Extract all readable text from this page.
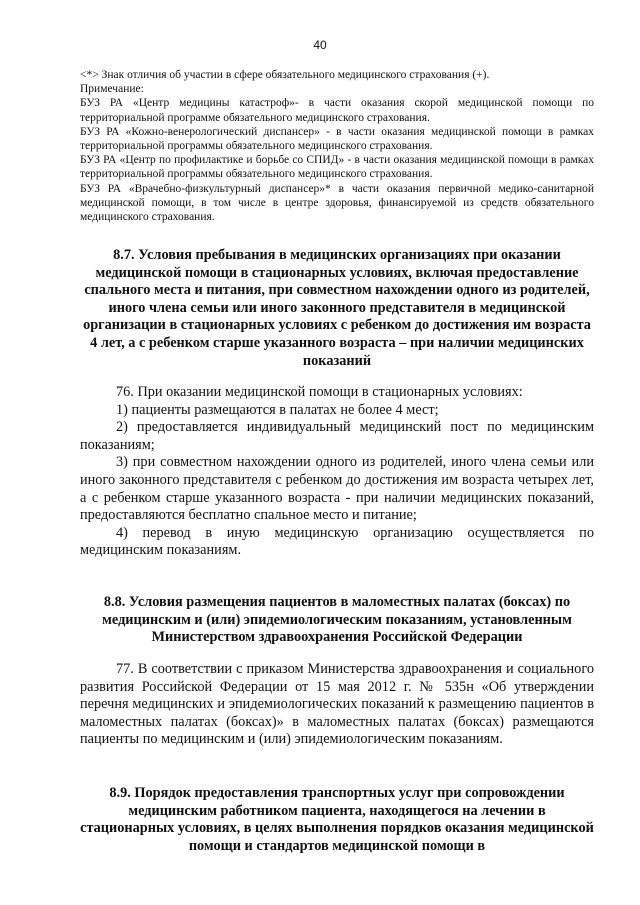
40

<*> Знак отличия об участии в сфере обязательного медицинского страхования (+).

Примечание:

БУЗ РА «Центр медицины катастроф»- в части оказания скорой медицинской помощи по территориальной программе обязательного медицинского страхования.

БУЗ РА «Кожно-венерологический диспансер» - в части оказания медицинской помощи в рамках территориальной программы обязательного медицинского страхования.

БУЗ РА «Центр по профилактике и борьбе со СПИД» - в части оказания медицинской помощи в рамках территориальной программы обязательного медицинского страхования.

БУЗ РА «Врачебно-физкультурный диспансер»* в части оказания первичной медико-санитарной медицинской помощи, в том числе в центре здоровья, финансируемой из средств обязательного медицинского страхования.

8.7. Условия пребывания в медицинских организациях при оказании медицинской помощи в стационарных условиях, включая предоставление спального места и питания, при совместном нахождении одного из родителей, иного члена семьи или иного законного представителя в медицинской организации в стационарных условиях с ребенком до достижения им возраста 4 лет, а с ребенком старше указанного возраста – при наличии медицинских показаний

76. При оказании медицинской помощи в стационарных условиях:

1) пациенты размещаются в палатах не более 4 мест;

2) предоставляется индивидуальный медицинский пост по медицинским показаниям;

3) при совместном нахождении одного из родителей, иного члена семьи или иного законного представителя с ребенком до достижения им возраста четырех лет, а с ребенком старше указанного возраста - при наличии медицинских показаний, предоставляются бесплатно спальное место и питание;

4) перевод в иную медицинскую организацию осуществляется по медицинским показаниям.

8.8. Условия размещения пациентов в маломестных палатах (боксах) по медицинским и (или) эпидемиологическим показаниям, установленным Министерством здравоохранения Российской Федерации

77. В соответствии с приказом Министерства здравоохранения и социального развития Российской Федерации от 15 мая 2012 г. № 535н «Об утверждении перечня медицинских и эпидемиологических показаний к размещению пациентов в маломестных палатах (боксах)» в маломестных палатах (боксах) размещаются пациенты по медицинским и (или) эпидемиологическим показаниям.

8.9. Порядок предоставления транспортных услуг при сопровождении медицинским работником пациента, находящегося на лечении в стационарных условиях, в целях выполнения порядков оказания медицинской помощи и стандартов медицинской помощи в
